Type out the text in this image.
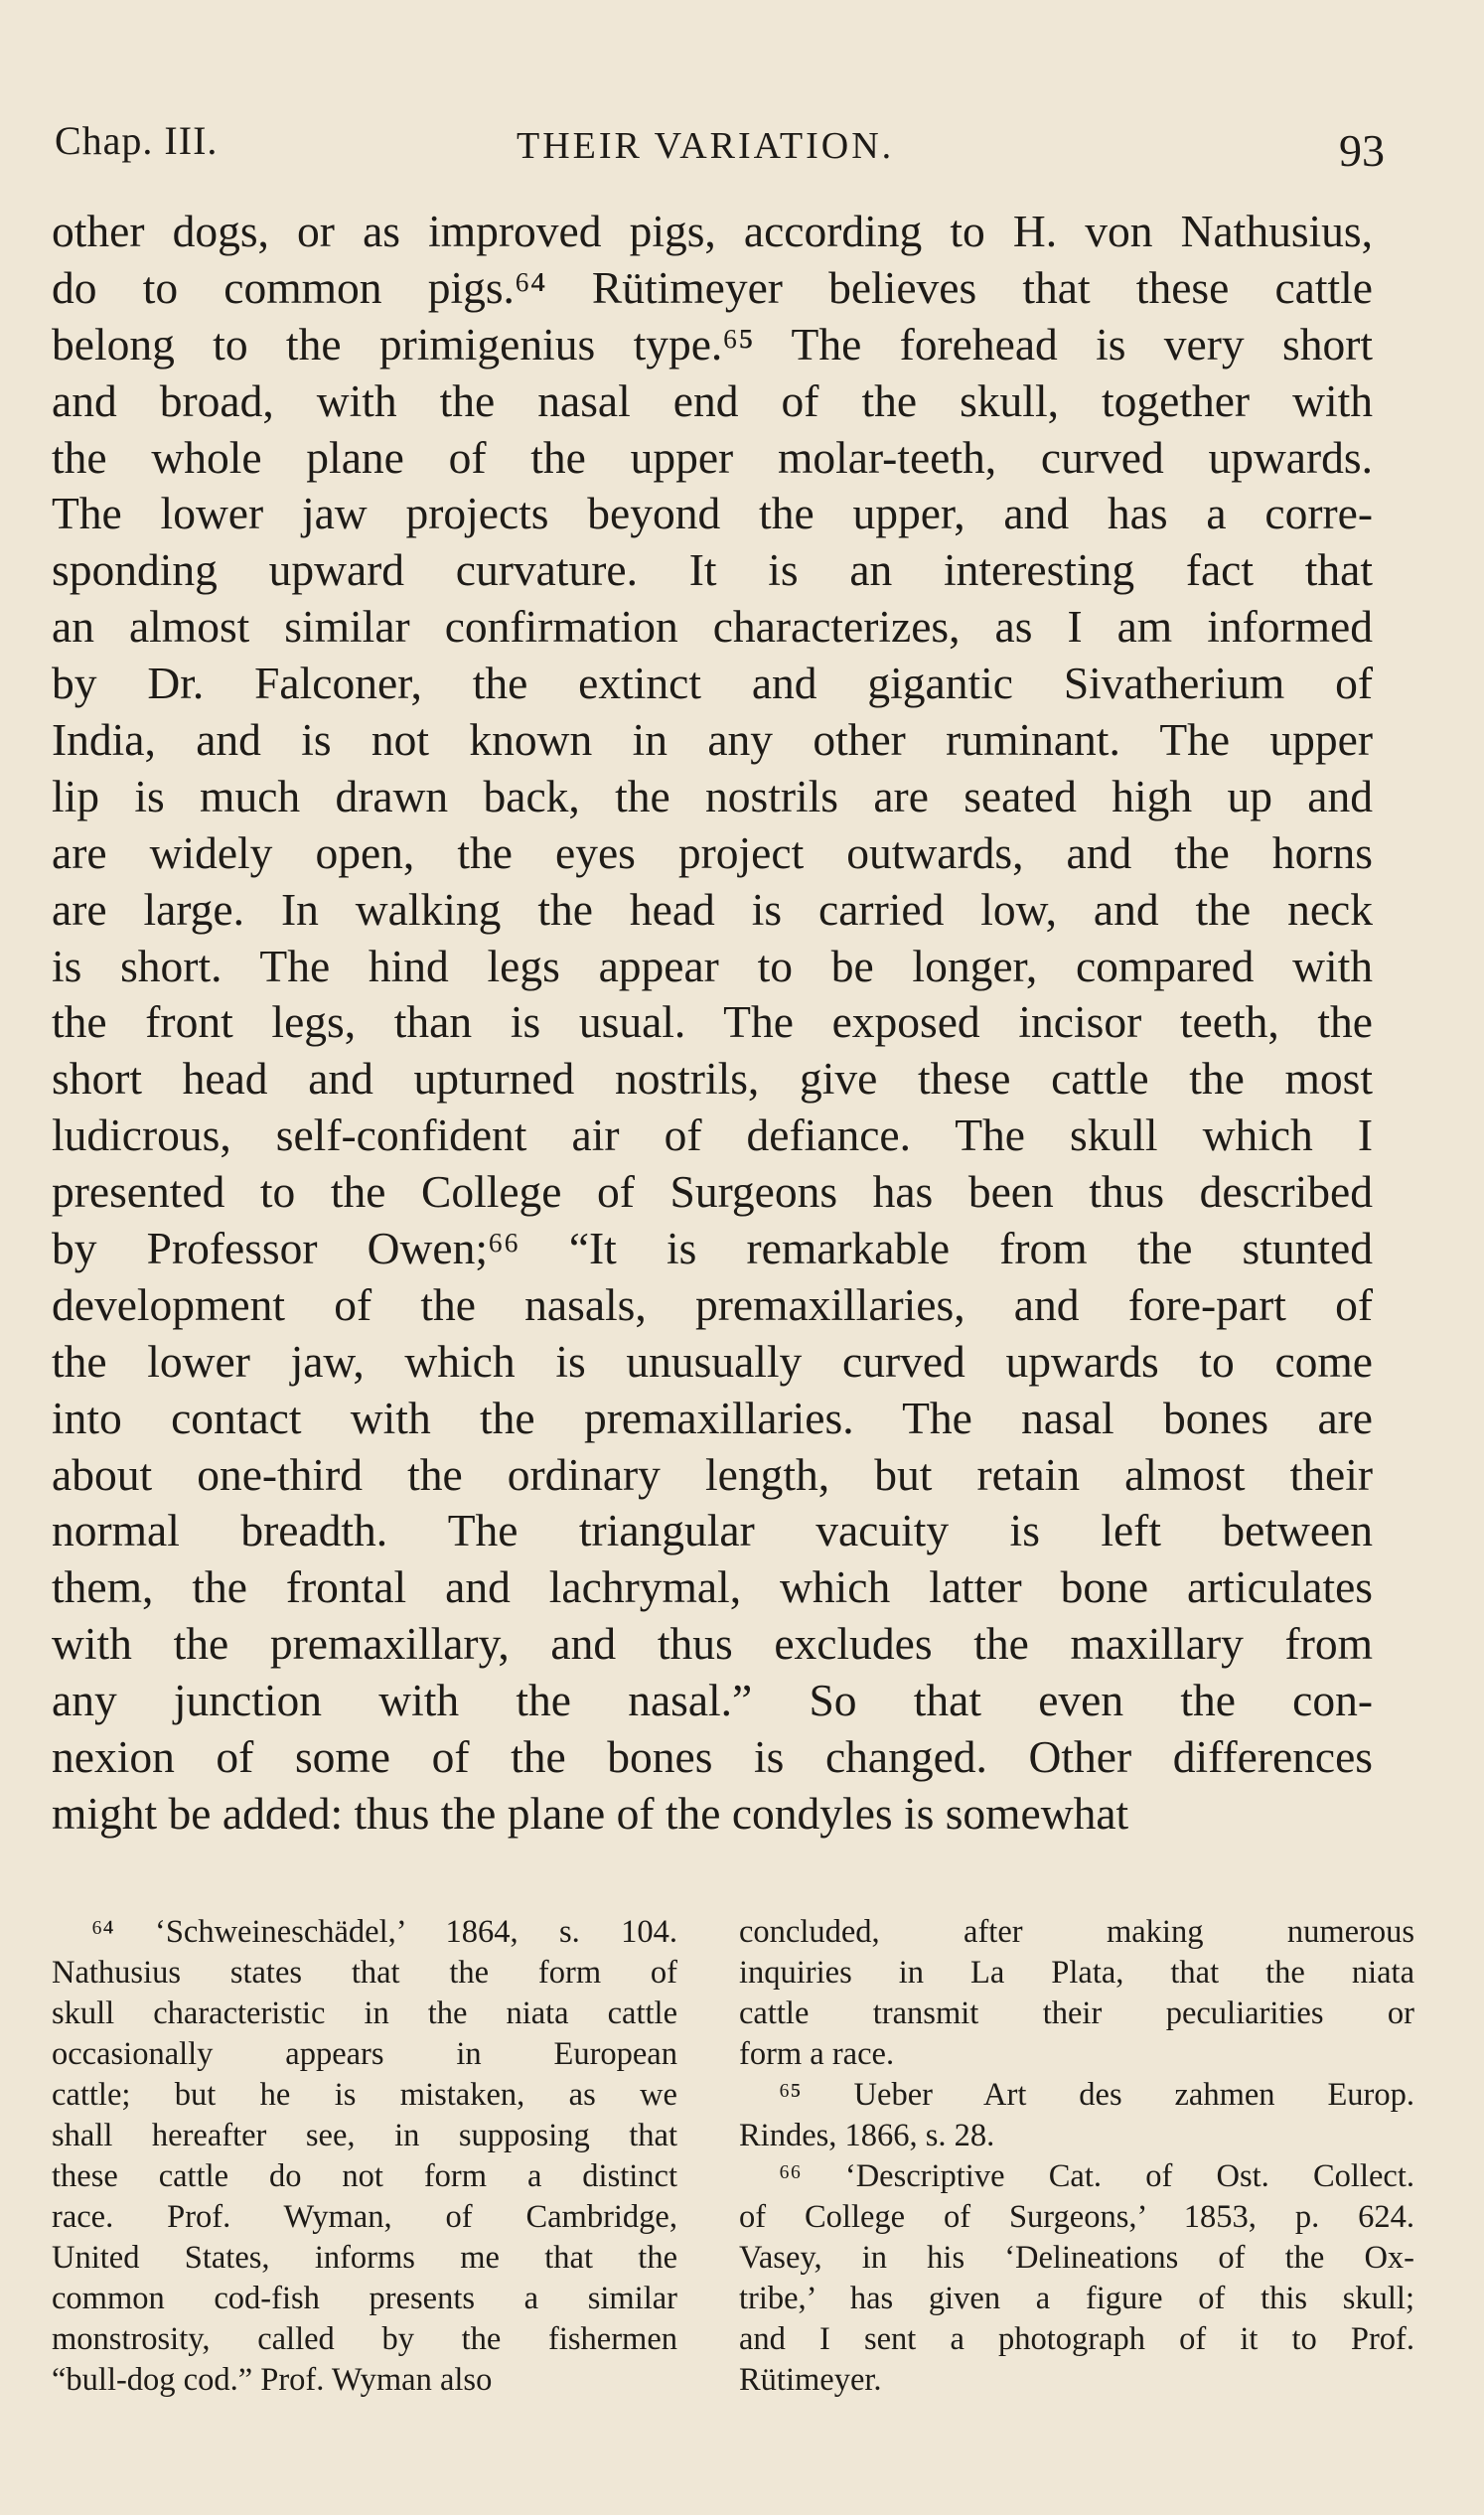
Chap. III.	THEIR VARIATION.	93
other dogs, or as improved pigs, according to H. von Nathusius,
do to common pigs.⁶⁴ Rütimeyer believes that these cattle
belong to the primigenius type.⁶⁵ The forehead is very short
and broad, with the nasal end of the skull, together with
the whole plane of the upper molar-teeth, curved upwards.
The lower jaw projects beyond the upper, and has a corre-
sponding upward curvature. It is an interesting fact that
an almost similar confirmation characterizes, as I am informed
by Dr. Falconer, the extinct and gigantic Sivatherium of
India, and is not known in any other ruminant. The upper
lip is much drawn back, the nostrils are seated high up and
are widely open, the eyes project outwards, and the horns
are large. In walking the head is carried low, and the neck
is short. The hind legs appear to be longer, compared with
the front legs, than is usual. The exposed incisor teeth, the
short head and upturned nostrils, give these cattle the most
ludicrous, self-confident air of defiance. The skull which I
presented to the College of Surgeons has been thus described
by Professor Owen;⁶⁶ “It is remarkable from the stunted
development of the nasals, premaxillaries, and fore-part of
the lower jaw, which is unusually curved upwards to come
into contact with the premaxillaries. The nasal bones are
about one-third the ordinary length, but retain almost their
normal breadth. The triangular vacuity is left between
them, the frontal and lachrymal, which latter bone articulates
with the premaxillary, and thus excludes the maxillary from
any junction with the nasal.” So that even the con-
nexion of some of the bones is changed. Other differences
might be added: thus the plane of the condyles is somewhat
⁶⁴ ‘Schweineschädel,’ 1864, s. 104.
Nathusius states that the form of
skull characteristic in the niata cattle
occasionally appears in European
cattle; but he is mistaken, as we
shall hereafter see, in supposing that
these cattle do not form a distinct
race. Prof. Wyman, of Cambridge,
United States, informs me that the
common cod-fish presents a similar
monstrosity, called by the fishermen
“bull-dog cod.” Prof. Wyman also
concluded, after making numerous
inquiries in La Plata, that the niata
cattle transmit their peculiarities or
form a race.
⁶⁵ Ueber Art des zahmen Europ.
Rindes, 1866, s. 28.
⁶⁶ ‘Descriptive Cat. of Ost. Collect.
of College of Surgeons,’ 1853, p. 624.
Vasey, in his ‘Delineations of the Ox-
tribe,’ has given a figure of this skull;
and I sent a photograph of it to Prof.
Rütimeyer.
